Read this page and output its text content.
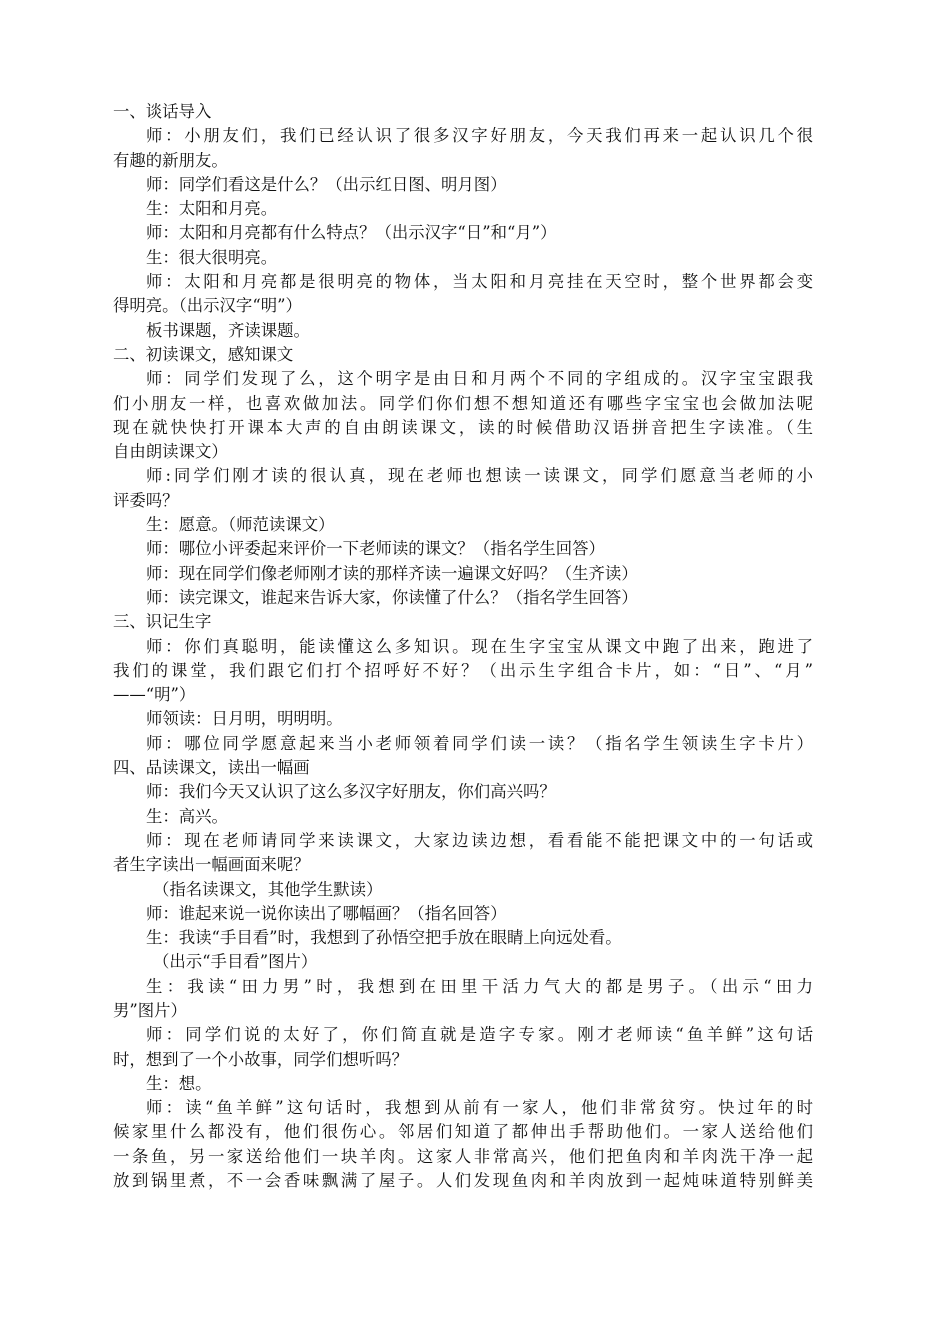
一、谈话导入
师：小朋友们，我们已经认识了很多汉字好朋友，今天我们再来一起认识几个很
有趣的新朋友。
师：同学们看这是什么？（出示红日图、明月图）
生：太阳和月亮。
师：太阳和月亮都有什么特点？（出示汉字“日”和“月”）
生：很大很明亮。
师：太阳和月亮都是很明亮的物体，当太阳和月亮挂在天空时，整个世界都会变
得明亮。（出示汉字“明”）
板书课题，齐读课题。
二、初读课文，感知课文
师：同学们发现了么，这个明字是由日和月两个不同的字组成的。汉字宝宝跟我
们小朋友一样，也喜欢做加法。同学们你们想不想知道还有哪些字宝宝也会做加法呢
现在就快快打开课本大声的自由朗读课文，读的时候借助汉语拼音把生字读准。（生
自由朗读课文）
师:同学们刚才读的很认真，现在老师也想读一读课文，同学们愿意当老师的小
评委吗？
生：愿意。（师范读课文）
师：哪位小评委起来评价一下老师读的课文？（指名学生回答）
师：现在同学们像老师刚才读的那样齐读一遍课文好吗？（生齐读）
师：读完课文，谁起来告诉大家，你读懂了什么？（指名学生回答）
三、识记生字
师：你们真聪明，能读懂这么多知识。现在生字宝宝从课文中跑了出来，跑进了
我们的课堂，我们跟它们打个招呼好不好？（出示生字组合卡片，如：“日”、“月”
——“明”）
师领读：日月明，明明明。
师：哪位同学愿意起来当小老师领着同学们读一读？（指名学生领读生字卡片）
四、品读课文，读出一幅画
师：我们今天又认识了这么多汉字好朋友，你们高兴吗？
生：高兴。
师：现在老师请同学来读课文，大家边读边想，看看能不能把课文中的一句话或
者生字读出一幅画面来呢？
（指名读课文，其他学生默读）
师：谁起来说一说你读出了哪幅画？（指名回答）
生：我读“手目看”时，我想到了孙悟空把手放在眼睛上向远处看。
（出示“手目看”图片）
生：我读“田力男”时，我想到在田里干活力气大的都是男子。（出示“田力
男”图片）
师：同学们说的太好了，你们简直就是造字专家。刚才老师读“鱼羊鲜”这句话
时，想到了一个小故事，同学们想听吗？
生：想。
师：读“鱼羊鲜”这句话时，我想到从前有一家人，他们非常贫穷。快过年的时
候家里什么都没有，他们很伤心。邻居们知道了都伸出手帮助他们。一家人送给他们
一条鱼，另一家送给他们一块羊肉。这家人非常高兴，他们把鱼肉和羊肉洗干净一起
放到锅里煮，不一会香味飘满了屋子。人们发现鱼肉和羊肉放到一起炖味道特别鲜美
